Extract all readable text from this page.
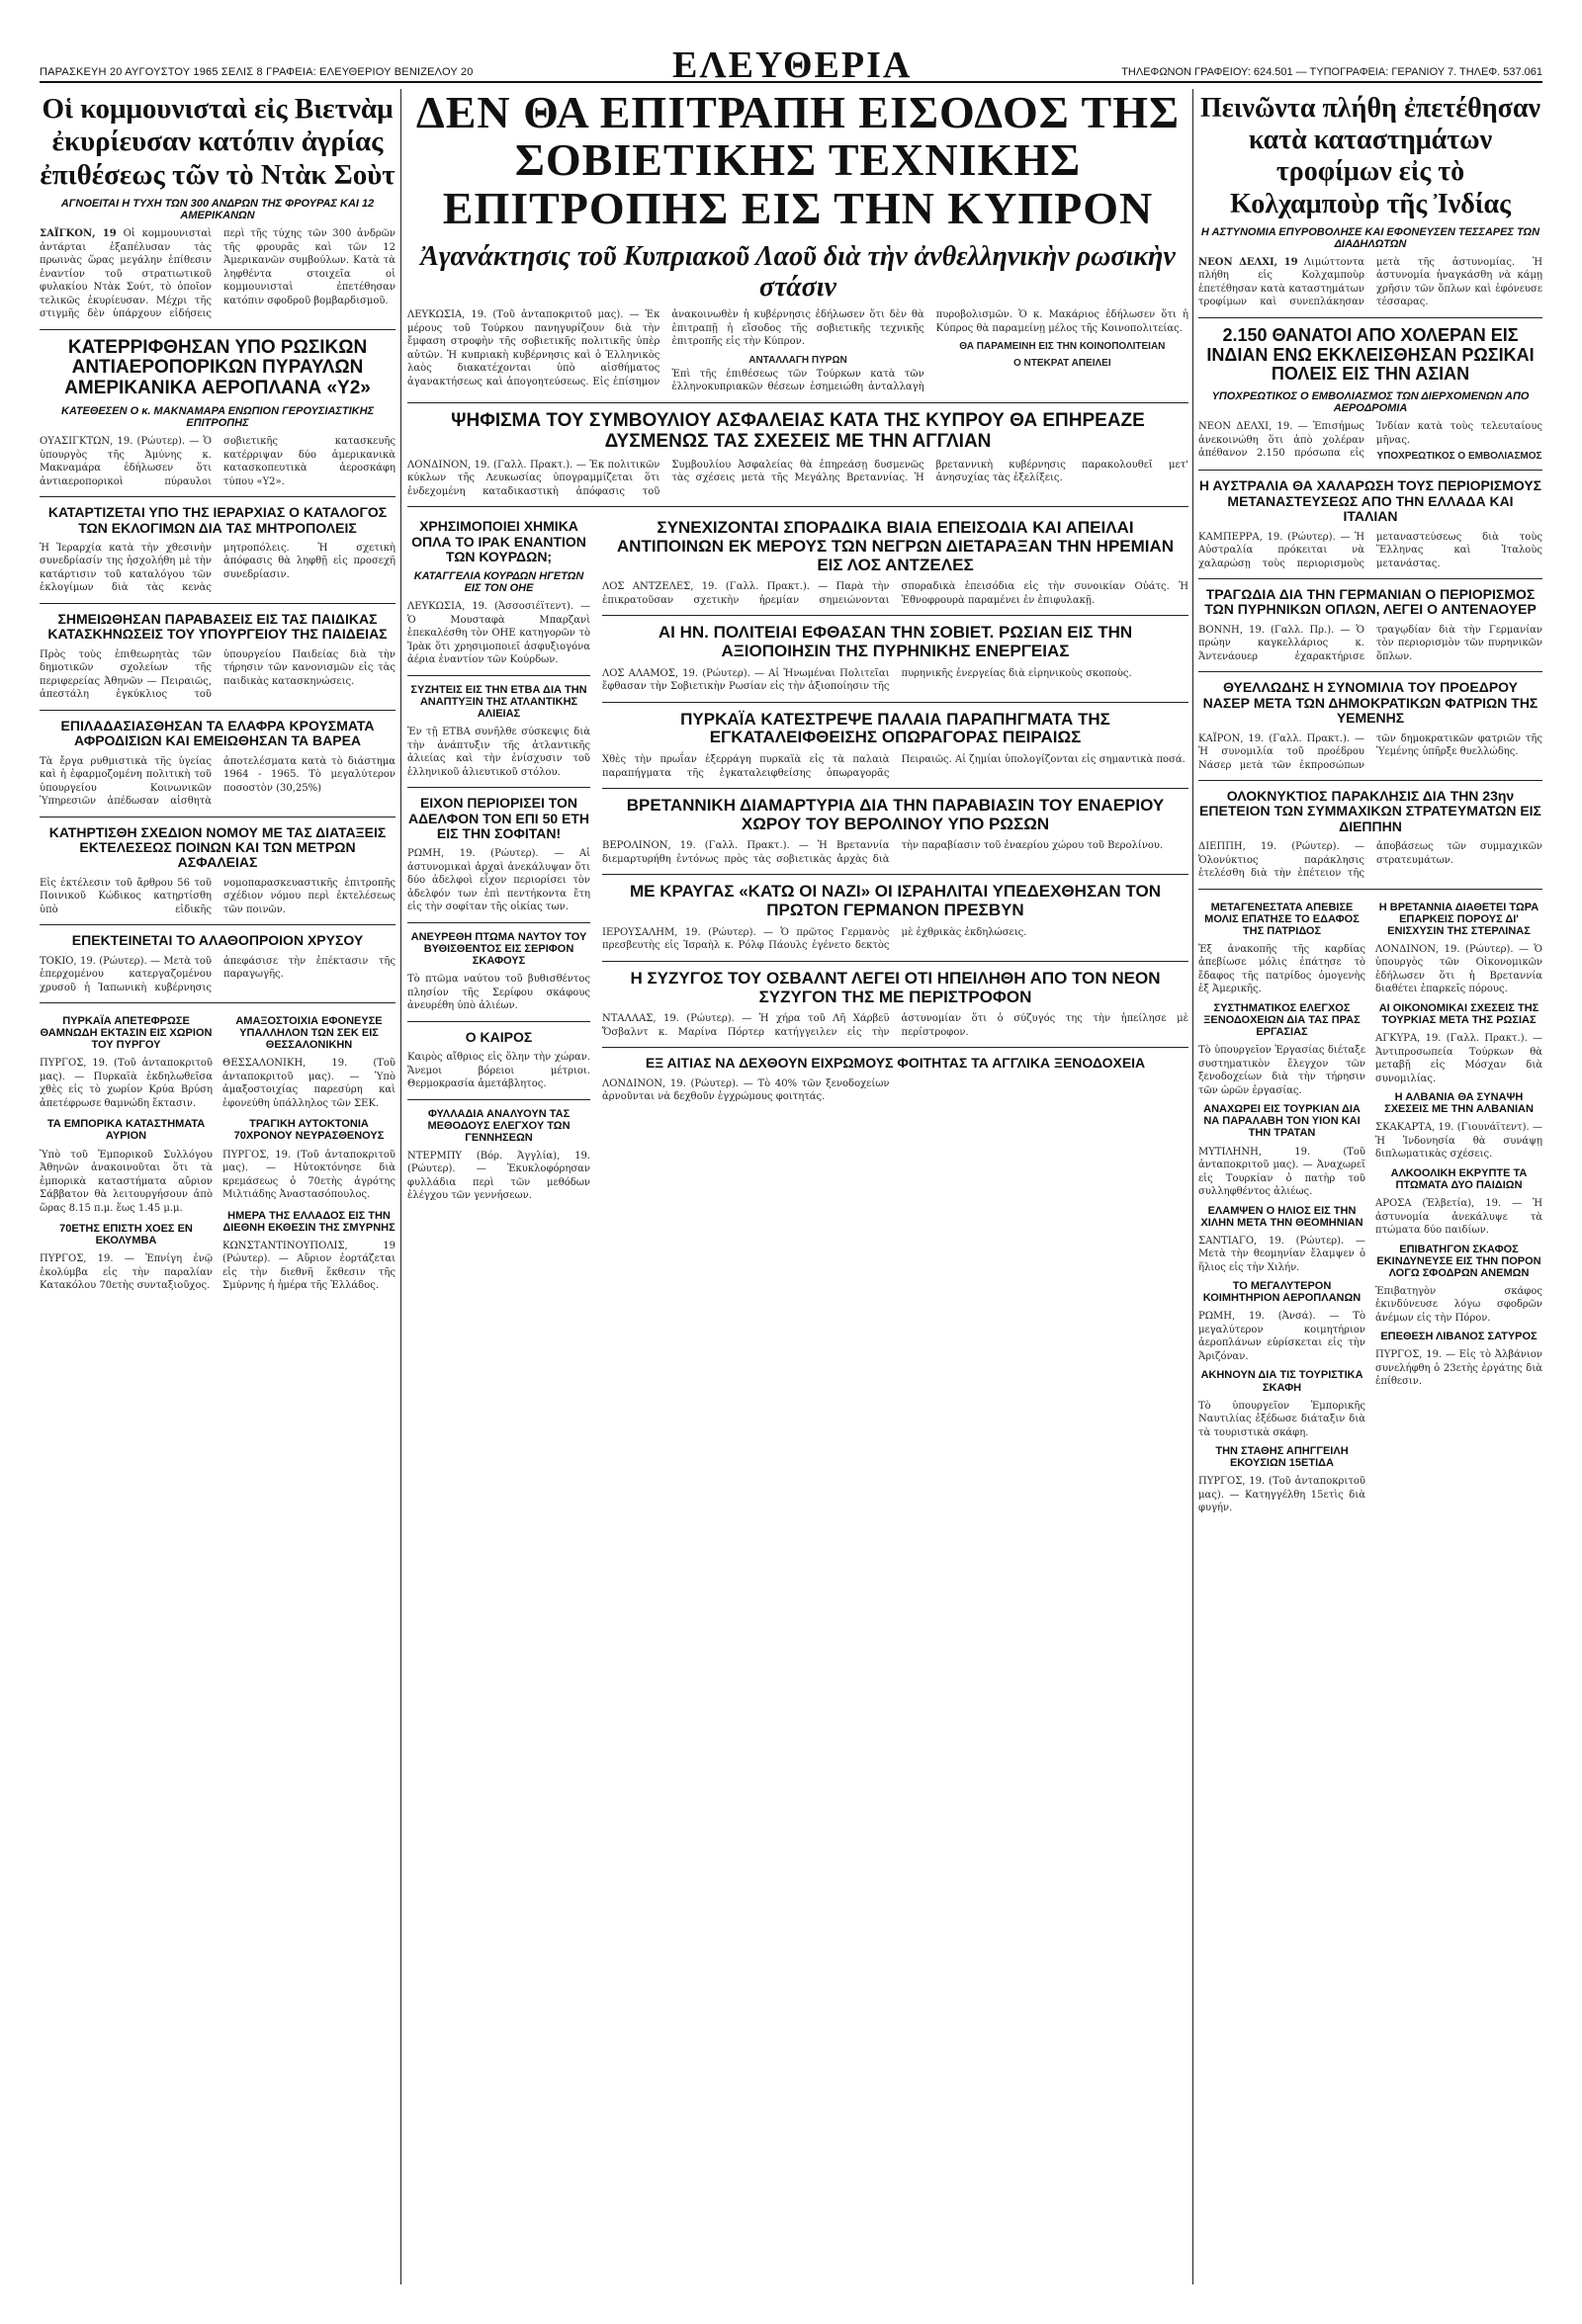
ΠΑΡΑΣΚΕΥΗ 20 ΑΥΓΟΥΣΤΟΥ 1965 ΣΕΛΙΣ 8 ΓΡΑΦΕΙΑ: ΕΛΕΥΘΕΡΙΟΥ ΒΕΝΙΖΕΛΟΥ 20	ΕΛΕΥΘΕΡΙΑ	ΤΗΛΕΦΩΝΟΝ ΓΡΑΦΕΙΟΥ: 624.501 — ΤΥΠΟΓΡΑΦΕΙΑ: ΓΕΡΑΝΙΟΥ 7. ΤΗΛΕΦ. 537.061
Οἱ κομμουνισταὶ εἰς Βιετνὰμ ἐκυρίευσαν κατόπιν ἀγρίας ἐπιθέσεως τῶν τὸ Ντὰκ Σοὺτ
ΑΓΝΟΕΙΤΑΙ Η ΤΥΧΗ ΤΩΝ 300 ΑΝΔΡΩΝ ΤΗΣ ΦΡΟΥΡΑΣ ΚΑΙ 12 ΑΜΕΡΙΚΑΝΩΝ
ΣΑΪΓΚΟΝ, 19 Οἱ κομμουνισταὶ ἀντάρται ἐξαπέλυσαν τὰς πρωινὰς ὥρας μεγάλην ἐπίθεσιν ἐναντίον τοῦ στρατιωτικοῦ φυλακίου Ντὰκ Σούτ, τὸ ὁποῖον τελικῶς ἐκυρίευσαν. Μέχρι τῆς στιγμῆς δὲν ὑπάρχουν εἰδήσεις περὶ τῆς τύχης τῶν 300 ἀνδρῶν τῆς φρουρᾶς καὶ τῶν 12 Ἀμερικανῶν συμβούλων. Κατὰ τὰ ληφθέντα στοιχεῖα οἱ κομμουνισταὶ ἐπετέθησαν κατόπιν σφοδροῦ βομβαρδισμοῦ.
ΚΑΤΕΡΡΙΦΘΗΣΑΝ ΥΠΟ ΡΩΣΙΚΩΝ ΑΝΤΙΑΕΡΟΠΟΡΙΚΩΝ ΠΥΡΑΥΛΩΝ ΑΜΕΡΙΚΑΝΙΚΑ ΑΕΡΟΠΛΑΝΑ «Υ2»
ΚΑΤΕΘΕΣΕΝ Ο κ. ΜΑΚΝΑΜΑΡΑ ΕΝΩΠΙΟΝ ΓΕΡΟΥΣΙΑΣΤΙΚΗΣ ΕΠΙΤΡΟΠΗΣ
ΟΥΑΣΙΓΚΤΩΝ, 19. (Ρώυτερ). — Ὁ ὑπουργὸς τῆς Ἀμύνης κ. Μακναμάρα ἐδήλωσεν ὅτι ἀντιαεροπορικοὶ πύραυλοι σοβιετικῆς κατασκευῆς κατέρριψαν δύο ἀμερικανικὰ κατασκοπευτικὰ ἀεροσκάφη τύπου «Υ2».
ΚΑΤΑΡΤΙΖΕΤΑΙ ΥΠΟ ΤΗΣ ΙΕΡΑΡΧΙΑΣ Ο ΚΑΤΑΛΟΓΟΣ ΤΩΝ ΕΚΛΟΓΙΜΩΝ ΔΙΑ ΤΑΣ ΜΗΤΡΟΠΟΛΕΙΣ
Ἡ Ἱεραρχία κατὰ τὴν χθεσινὴν συνεδρίασίν της ἠσχολήθη μὲ τὴν κατάρτισιν τοῦ καταλόγου τῶν ἐκλογίμων διὰ τὰς κενὰς μητροπόλεις. Ἡ σχετικὴ ἀπόφασις θὰ ληφθῇ εἰς προσεχῆ συνεδρίασιν.
ΣΗΜΕΙΩΘΗΣΑΝ ΠΑΡΑΒΑΣΕΙΣ ΕΙΣ ΤΑΣ ΠΑΙΔΙΚΑΣ ΚΑΤΑΣΚΗΝΩΣΕΙΣ ΤΟΥ ΥΠΟΥΡΓΕΙΟΥ ΤΗΣ ΠΑΙΔΕΙΑΣ
Πρὸς τοὺς ἐπιθεωρητὰς τῶν δημοτικῶν σχολείων τῆς περιφερείας Ἀθηνῶν — Πειραιῶς, ἀπεστάλη ἐγκύκλιος τοῦ ὑπουργείου Παιδείας διὰ τὴν τήρησιν τῶν κανονισμῶν εἰς τὰς παιδικὰς κατασκηνώσεις.
ΕΠΙΛΑΔΑΣΙΑΣΘΗΣΑΝ ΤΑ ΕΛΑΦΡΑ ΚΡΟΥΣΜΑΤΑ ΑΦΡΟΔΙΣΙΩΝ ΚΑΙ ΕΜΕΙΩΘΗΣΑΝ ΤΑ ΒΑΡΕΑ
Τὰ ἔργα ρυθμιστικὰ τῆς ὑγείας καὶ ἡ ἐφαρμοζομένη πολιτικὴ τοῦ ὑπουργείου Κοινωνικῶν Ὑπηρεσιῶν ἀπέδωσαν αἰσθητὰ ἀποτελέσματα κατὰ τὸ διάστημα 1964 - 1965. Τὸ μεγαλύτερον ποσοστὸν (30,25%)
ΚΑΤΗΡΤΙΣΘΗ ΣΧΕΔΙΟΝ ΝΟΜΟΥ ΜΕ ΤΑΣ ΔΙΑΤΑΞΕΙΣ ΕΚΤΕΛΕΣΕΩΣ ΠΟΙΝΩΝ ΚΑΙ ΤΩΝ ΜΕΤΡΩΝ ΑΣΦΑΛΕΙΑΣ
Εἰς ἐκτέλεσιν τοῦ ἄρθρου 56 τοῦ Ποινικοῦ Κώδικος κατηρτίσθη ὑπὸ εἰδικῆς νομοπαρασκευαστικῆς ἐπιτροπῆς σχέδιον νόμου περὶ ἐκτελέσεως τῶν ποινῶν.
ΕΠΕΚΤΕΙΝΕΤΑΙ ΤΟ ΑΛΑΘΟΠΡΟΙΟΝ ΧΡΥΣΟΥ
ΤΟΚΙΟ, 19. (Ρώυτερ). — Μετὰ τοῦ ἐπερχομένου κατεργαζομένου χρυσοῦ ἡ Ἰαπωνικὴ κυβέρνησις ἀπεφάσισε τὴν ἐπέκτασιν τῆς παραγωγῆς.
ΠΥΡΚΑΪΑ ΑΠΕΤΕΦΡΩΣΕ ΘΑΜΝΩΔΗ ΕΚΤΑΣΙΝ ΕΙΣ ΧΩΡΙΟΝ ΤΟΥ ΠΥΡΓΟΥ
ΠΥΡΓΟΣ, 19. (Τοῦ ἀνταποκριτοῦ μας). — Πυρκαϊὰ ἐκδηλωθεῖσα χθὲς εἰς τὸ χωρίον Κρύα Βρύση ἀπετέφρωσε θαμνώδη ἔκτασιν.
ΤΑ ΕΜΠΟΡΙΚΑ ΚΑΤΑΣΤΗΜΑΤΑ ΑΥΡΙΟΝ
Ὑπὸ τοῦ Ἐμπορικοῦ Συλλόγου Ἀθηνῶν ἀνακοινοῦται ὅτι τὰ ἐμπορικὰ καταστήματα αὔριον Σάββατον θὰ λειτουργήσουν ἀπὸ ὥρας 8.15 π.μ. ἕως 1.45 μ.μ.
70ΕΤΗΣ ΕΠΙΣΤΗ ΧΟΕΣ ΕΝ ΕΚΟΛΥΜΒΑ
ΠΥΡΓΟΣ, 19. — Ἐπνίγη ἐνῷ ἐκολύμβα εἰς τὴν παραλίαν Κατακόλου 70ετὴς συνταξιοῦχος.
ΑΜΑΞΟΣΤΟΙΧΙΑ ΕΦΟΝΕΥΣΕ ΥΠΑΛΛΗΛΟΝ ΤΩΝ ΣΕΚ ΕΙΣ ΘΕΣΣΑΛΟΝΙΚΗΝ
ΘΕΣΣΑΛΟΝΙΚΗ, 19. (Τοῦ ἀνταποκριτοῦ μας). — Ὑπὸ ἀμαξοστοιχίας παρεσύρη καὶ ἐφονεύθη ὑπάλληλος τῶν ΣΕΚ.
ΤΡΑΓΙΚΗ ΑΥΤΟΚΤΟΝΙΑ 70ΧΡΟΝΟΥ ΝΕΥΡΑΣΘΕΝΟΥΣ
ΠΥΡΓΟΣ, 19. (Τοῦ ἀνταποκριτοῦ μας). — Ηὐτοκτόνησε διὰ κρεμάσεως ὁ 70ετὴς ἀγρότης Μιλτιάδης Ἀναστασόπουλος.
ΗΜΕΡΑ ΤΗΣ ΕΛΛΑΔΟΣ ΕΙΣ ΤΗΝ ΔΙΕΘΝΗ ΕΚΘΕΣΙΝ ΤΗΣ ΣΜΥΡΝΗΣ
ΚΩΝΣΤΑΝΤΙΝΟΥΠΟΛΙΣ, 19 (Ρώυτερ). — Αὔριον ἑορτάζεται εἰς τὴν διεθνῆ ἔκθεσιν τῆς Σμύρνης ἡ ἡμέρα τῆς Ἑλλάδος.
ΔΕΝ ΘΑ ΕΠΙΤΡΑΠΗ ΕΙΣΟΔΟΣ ΤΗΣ ΣΟΒΙΕΤΙΚΗΣ ΤΕΧΝΙΚΗΣ ΕΠΙΤΡΟΠΗΣ ΕΙΣ ΤΗΝ ΚΥΠΡΟΝ
Ἀγανάκτησις τοῦ Κυπριακοῦ Λαοῦ διὰ τὴν ἀνθελληνικὴν ρωσικὴν στάσιν
ΛΕΥΚΩΣΙΑ, 19. (Τοῦ ἀνταποκριτοῦ μας). — Ἐκ μέρους τοῦ Τούρκου πανηγυρίζουν διὰ τὴν ἔμφαση στροφὴν τῆς σοβιετικῆς πολιτικῆς ὑπὲρ αὐτῶν. Ἡ κυπριακὴ κυβέρνησις καὶ ὁ Ἑλληνικὸς λαὸς διακατέχονται ὑπὸ αἰσθήματος ἀγανακτήσεως καὶ ἀπογοητεύσεως. Εἰς ἐπίσημον ἀνακοινωθὲν ἡ κυβέρνησις ἐδήλωσεν ὅτι δὲν θὰ ἐπιτραπῇ ἡ εἴσοδος τῆς σοβιετικῆς τεχνικῆς ἐπιτροπῆς εἰς τὴν Κύπρον.
ΑΝΤΑΛΛΑΓΗ ΠΥΡΩΝ
Ἐπὶ τῆς ἐπιθέσεως τῶν Τούρκων κατὰ τῶν ἑλληνοκυπριακῶν θέσεων ἐσημειώθη ἀνταλλαγὴ πυροβολισμῶν. Ὁ κ. Μακάριος ἐδήλωσεν ὅτι ἡ Κύπρος θὰ παραμείνῃ μέλος τῆς Κοινοπολιτείας.
ΘΑ ΠΑΡΑΜΕΙΝΗ ΕΙΣ ΤΗΝ ΚΟΙΝΟΠΟΛΙΤΕΙΑΝ
Ο ΝΤΕΚΡΑΤ ΑΠΕΙΛΕΙ
ΨΗΦΙΣΜΑ ΤΟΥ ΣΥΜΒΟΥΛΙΟΥ ΑΣΦΑΛΕΙΑΣ ΚΑΤΑ ΤΗΣ ΚΥΠΡΟΥ ΘΑ ΕΠΗΡΕΑΖΕ ΔΥΣΜΕΝΩΣ ΤΑΣ ΣΧΕΣΕΙΣ ΜΕ ΤΗΝ ΑΓΓΛΙΑΝ
ΛΟΝΔΙΝΟΝ, 19. (Γαλλ. Πρακτ.). — Ἐκ πολιτικῶν κύκλων τῆς Λευκωσίας ὑπογραμμίζεται ὅτι ἐνδεχομένη καταδικαστικὴ ἀπόφασις τοῦ Συμβουλίου Ἀσφαλείας θὰ ἐπηρεάσῃ δυσμενῶς τὰς σχέσεις μετὰ τῆς Μεγάλης Βρεταννίας. Ἡ βρεταννικὴ κυβέρνησις παρακολουθεῖ μετ' ἀνησυχίας τὰς ἐξελίξεις.
ΧΡΗΣΙΜΟΠΟΙΕΙ ΧΗΜΙΚΑ ΟΠΛΑ ΤΟ ΙΡΑΚ ΕΝΑΝΤΙΟΝ ΤΩΝ ΚΟΥΡΔΩΝ;
ΚΑΤΑΓΓΕΛΙΑ ΚΟΥΡΔΩΝ ΗΓΕΤΩΝ ΕΙΣ ΤΟΝ ΟΗΕ
ΛΕΥΚΩΣΙΑ, 19. (Ἀσσοσιέϊτεντ). — Ὁ Μουσταφὰ Μπαρζανὶ ἐπεκαλέσθη τὸν ΟΗΕ κατηγορῶν τὸ Ἰρὰκ ὅτι χρησιμοποιεῖ ἀσφυξιογόνα ἀέρια ἐναντίον τῶν Κούρδων.
ΣΥΖΗΤΕΙΣ ΕΙΣ ΤΗΝ ΕΤΒΑ ΔΙΑ ΤΗΝ ΑΝΑΠΤΥΞΙΝ ΤΗΣ ΑΤΛΑΝΤΙΚΗΣ ΑΛΙΕΙΑΣ
Ἐν τῇ ΕΤΒΑ συνῆλθε σύσκεψις διὰ τὴν ἀνάπτυξιν τῆς ἀτλαντικῆς ἁλιείας καὶ τὴν ἐνίσχυσιν τοῦ ἑλληνικοῦ ἁλιευτικοῦ στόλου.
ΕΙΧΟΝ ΠΕΡΙΟΡΙΣΕΙ ΤΟΝ ΑΔΕΛΦΟΝ ΤΟΝ ΕΠΙ 50 ΕΤΗ ΕΙΣ ΤΗΝ ΣΟΦΙΤΑΝ!
ΡΩΜΗ, 19. (Ρώυτερ). — Αἱ ἀστυνομικαὶ ἀρχαὶ ἀνεκάλυψαν ὅτι δύο ἀδελφοὶ εἶχον περιορίσει τὸν ἀδελφόν των ἐπὶ πεντήκοντα ἔτη εἰς τὴν σοφίταν τῆς οἰκίας των.
ΑΝΕΥΡΕΘΗ ΠΤΩΜΑ ΝΑΥΤΟΥ ΤΟΥ ΒΥΘΙΣΘΕΝΤΟΣ ΕΙΣ ΣΕΡΙΦΟΝ ΣΚΑΦΟΥΣ
Τὸ πτῶμα ναύτου τοῦ βυθισθέντος πλησίον τῆς Σερίφου σκάφους ἀνευρέθη ὑπὸ ἁλιέων.
Ο ΚΑΙΡΟΣ
Καιρὸς αἴθριος εἰς ὅλην τὴν χώραν. Ἄνεμοι βόρειοι μέτριοι. Θερμοκρασία ἀμετάβλητος.
ΦΥΛΛΑΔΙΑ ΑΝΑΛΥΟΥΝ ΤΑΣ ΜΕΘΟΔΟΥΣ ΕΛΕΓΧΟΥ ΤΩΝ ΓΕΝΝΗΣΕΩΝ
ΝΤΕΡΜΠΥ (Βόρ. Ἀγγλία), 19. (Ρώυτερ). — Ἐκυκλοφόρησαν φυλλάδια περὶ τῶν μεθόδων ἐλέγχου τῶν γεννήσεων.
ΣΥΝΕΧΙΖΟΝΤΑΙ ΣΠΟΡΑΔΙΚΑ ΒΙΑΙΑ ΕΠΕΙΣΟΔΙΑ ΚΑΙ ΑΠΕΙΛΑΙ ΑΝΤΙΠΟΙΝΩΝ ΕΚ ΜΕΡΟΥΣ ΤΩΝ ΝΕΓΡΩΝ ΔΙΕΤΑΡΑΞΑΝ ΤΗΝ ΗΡΕΜΙΑΝ ΕΙΣ ΛΟΣ ΑΝΤΖΕΛΕΣ
ΛΟΣ ΑΝΤΖΕΛΕΣ, 19. (Γαλλ. Πρακτ.). — Παρὰ τὴν ἐπικρατοῦσαν σχετικὴν ἠρεμίαν σημειώνονται σποραδικὰ ἐπεισόδια εἰς τὴν συνοικίαν Οὐάτς. Ἡ Ἐθνοφρουρὰ παραμένει ἐν ἐπιφυλακῇ.
ΑΙ ΗΝ. ΠΟΛΙΤΕΙΑΙ ΕΦΘΑΣΑΝ ΤΗΝ ΣΟΒΙΕΤ. ΡΩΣΙΑΝ ΕΙΣ ΤΗΝ ΑΞΙΟΠΟΙΗΣΙΝ ΤΗΣ ΠΥΡΗΝΙΚΗΣ ΕΝΕΡΓΕΙΑΣ
ΛΟΣ ΑΛΑΜΟΣ, 19. (Ρώυτερ). — Αἱ Ἡνωμέναι Πολιτεῖαι ἔφθασαν τὴν Σοβιετικὴν Ρωσίαν εἰς τὴν ἀξιοποίησιν τῆς πυρηνικῆς ἐνεργείας διὰ εἰρηνικοὺς σκοποὺς.
ΠΥΡΚΑΪΑ ΚΑΤΕΣΤΡΕΨΕ ΠΑΛΑΙΑ ΠΑΡΑΠΗΓΜΑΤΑ ΤΗΣ ΕΓΚΑΤΑΛΕΙΦΘΕΙΣΗΣ ΟΠΩΡΑΓΟΡΑΣ ΠΕΙΡΑΙΩΣ
Χθὲς τὴν πρωΐαν ἐξερράγη πυρκαϊὰ εἰς τὰ παλαιὰ παραπήγματα τῆς ἐγκαταλειφθείσης ὀπωραγορᾶς Πειραιῶς. Αἱ ζημίαι ὑπολογίζονται εἰς σημαντικὰ ποσά.
ΒΡΕΤΑΝΝΙΚΗ ΔΙΑΜΑΡΤΥΡΙΑ ΔΙΑ ΤΗΝ ΠΑΡΑΒΙΑΣΙΝ ΤΟΥ ΕΝΑΕΡΙΟΥ ΧΩΡΟΥ ΤΟΥ ΒΕΡΟΛΙΝΟΥ ΥΠΟ ΡΩΣΩΝ
ΒΕΡΟΛΙΝΟΝ, 19. (Γαλλ. Πρακτ.). — Ἡ Βρεταννία διεμαρτυρήθη ἐντόνως πρὸς τὰς σοβιετικὰς ἀρχὰς διὰ τὴν παραβίασιν τοῦ ἐναερίου χώρου τοῦ Βερολίνου.
ΜΕ ΚΡΑΥΓΑΣ «ΚΑΤΩ ΟΙ ΝΑΖΙ» ΟΙ ΙΣΡΑΗΛΙΤΑΙ ΥΠΕΔΕΧΘΗΣΑΝ ΤΟΝ ΠΡΩΤΟΝ ΓΕΡΜΑΝΟΝ ΠΡΕΣΒΥΝ
ΙΕΡΟΥΣΑΛΗΜ, 19. (Ρώυτερ). — Ὁ πρῶτος Γερμανὸς πρεσβευτὴς εἰς Ἰσραὴλ κ. Ρόλφ Πάουλς ἐγένετο δεκτὸς μὲ ἐχθρικὰς ἐκδηλώσεις.
Η ΣΥΖΥΓΟΣ ΤΟΥ ΟΣΒΑΛΝΤ ΛΕΓΕΙ ΟΤΙ ΗΠΕΙΛΗΘΗ ΑΠΟ ΤΟΝ ΝΕΟΝ ΣΥΖΥΓΟΝ ΤΗΣ ΜΕ ΠΕΡΙΣΤΡΟΦΟΝ
ΝΤΑΛΛΑΣ, 19. (Ρώυτερ). — Ἡ χήρα τοῦ Λῆ Χάρβεϋ Ὄσβαλντ κ. Μαρίνα Πόρτερ κατήγγειλεν εἰς τὴν ἀστυνομίαν ὅτι ὁ σύζυγός της τὴν ἠπείλησε μὲ περίστροφον.
ΕΞ ΑΙΤΙΑΣ ΝΑ ΔΕΧΘΟΥΝ ΕΙΧΡΩΜΟΥΣ ΦΟΙΤΗΤΑΣ ΤΑ ΑΓΓΛΙΚΑ ΞΕΝΟΔΟΧΕΙΑ
ΛΟΝΔΙΝΟΝ, 19. (Ρώυτερ). — Τὸ 40% τῶν ξενοδοχείων ἀρνοῦνται νὰ δεχθοῦν ἐγχρώμους φοιτητάς.
Πεινῶντα πλήθη ἐπετέθησαν κατὰ καταστημάτων τροφίμων εἰς τὸ Κολχαμποὺρ τῆς Ἰνδίας
Η ΑΣΤΥΝΟΜΙΑ ΕΠΥΡΟΒΟΛΗΣΕ ΚΑΙ ΕΦΟΝΕΥΣΕΝ ΤΕΣΣΑΡΕΣ ΤΩΝ ΔΙΑΔΗΛΩΤΩΝ
ΝΕΟΝ ΔΕΛΧΙ, 19 Λιμώττοντα πλήθη εἰς Κολχαμποὺρ ἐπετέθησαν κατὰ καταστημάτων τροφίμων καὶ συνεπλάκησαν μετὰ τῆς ἀστυνομίας. Ἡ ἀστυνομία ἠναγκάσθη νὰ κάμῃ χρῆσιν τῶν ὅπλων καὶ ἐφόνευσε τέσσαρας.
2.150 ΘΑΝΑΤΟΙ ΑΠΟ ΧΟΛΕΡΑΝ ΕΙΣ ΙΝΔΙΑΝ ΕΝΩ ΕΚΚΛΕΙΣΘΗΣΑΝ ΡΩΣΙΚΑΙ ΠΟΛΕΙΣ ΕΙΣ ΤΗΝ ΑΣΙΑΝ
ΥΠΟΧΡΕΩΤΙΚΟΣ Ο ΕΜΒΟΛΙΑΣΜΟΣ ΤΩΝ ΔΙΕΡΧΟΜΕΝΩΝ ΑΠΟ ΑΕΡΟΔΡΟΜΙΑ
ΝΕΟΝ ΔΕΛΧΙ, 19. — Ἐπισήμως ἀνεκοινώθη ὅτι ἀπὸ χολέραν ἀπέθανον 2.150 πρόσωπα εἰς Ἰνδίαν κατὰ τοὺς τελευταίους μῆνας.
ΥΠΟΧΡΕΩΤΙΚΟΣ Ο ΕΜΒΟΛΙΑΣΜΟΣ
Η ΑΥΣΤΡΑΛΙΑ ΘΑ ΧΑΛΑΡΩΣΗ ΤΟΥΣ ΠΕΡΙΟΡΙΣΜΟΥΣ ΜΕΤΑΝΑΣΤΕΥΣΕΩΣ ΑΠΟ ΤΗΝ ΕΛΛΑΔΑ ΚΑΙ ΙΤΑΛΙΑΝ
ΚΑΜΠΕΡΡΑ, 19. (Ρώυτερ). — Ἡ Αὐστραλία πρόκειται νὰ χαλαρώσῃ τοὺς περιορισμοὺς μεταναστεύσεως διὰ τοὺς Ἕλληνας καὶ Ἰταλοὺς μετανάστας.
ΤΡΑΓΩΔΙΑ ΔΙΑ ΤΗΝ ΓΕΡΜΑΝΙΑΝ Ο ΠΕΡΙΟΡΙΣΜΟΣ ΤΩΝ ΠΥΡΗΝΙΚΩΝ ΟΠΛΩΝ, ΛΕΓΕΙ Ο ΑΝΤΕΝΑΟΥΕΡ
ΒΟΝΝΗ, 19. (Γαλλ. Πρ.). — Ὁ πρώην καγκελλάριος κ. Ἀντενάουερ ἐχαρακτήρισε τραγῳδίαν διὰ τὴν Γερμανίαν τὸν περιορισμὸν τῶν πυρηνικῶν ὅπλων.
ΘΥΕΛΛΩΔΗΣ Η ΣΥΝΟΜΙΛΙΑ ΤΟΥ ΠΡΟΕΔΡΟΥ ΝΑΣΕΡ ΜΕΤΑ ΤΩΝ ΔΗΜΟΚΡΑΤΙΚΩΝ ΦΑΤΡΙΩΝ ΤΗΣ ΥΕΜΕΝΗΣ
ΚΑΪΡΟΝ, 19. (Γαλλ. Πρακτ.). — Ἡ συνομιλία τοῦ προέδρου Νάσερ μετὰ τῶν ἐκπροσώπων τῶν δημοκρατικῶν φατριῶν τῆς Ὑεμένης ὑπῆρξε θυελλώδης.
ΟΛΟΚΝΥΚΤΙΟΣ ΠΑΡΑΚΛΗΣΙΣ ΔΙΑ ΤΗΝ 23ην ΕΠΕΤΕΙΟΝ ΤΩΝ ΣΥΜΜΑΧΙΚΩΝ ΣΤΡΑΤΕΥΜΑΤΩΝ ΕΙΣ ΔΙΕΠΠΗΝ
ΔΙΕΠΠΗ, 19. (Ρώυτερ). — Ὁλονύκτιος παράκλησις ἐτελέσθη διὰ τὴν ἐπέτειον τῆς ἀποβάσεως τῶν συμμαχικῶν στρατευμάτων.
ΜΕΤΑΓΕΝΕΣΤΑΤΑ ΑΠΕΒΙΣΕ ΜΟΛΙΣ ΕΠΑΤΗΣΕ ΤΟ ΕΔΑΦΟΣ ΤΗΣ ΠΑΤΡΙΔΟΣ
Ἐξ ἀνακοπῆς τῆς καρδίας ἀπεβίωσε μόλις ἐπάτησε τὸ ἔδαφος τῆς πατρίδος ὁμογενὴς ἐξ Ἀμερικῆς.
ΣΥΣΤΗΜΑΤΙΚΟΣ ΕΛΕΓΧΟΣ ΞΕΝΟΔΟΧΕΙΩΝ ΔΙΑ ΤΑΣ ΠΡΑΣ ΕΡΓΑΣΙΑΣ
Τὸ ὑπουργεῖον Ἐργασίας διέταξε συστηματικὸν ἔλεγχον τῶν ξενοδοχείων διὰ τὴν τήρησιν τῶν ὡρῶν ἐργασίας.
ΑΝΑΧΩΡΕΙ ΕΙΣ ΤΟΥΡΚΙΑΝ ΔΙΑ ΝΑ ΠΑΡΑΛΑΒΗ ΤΟΝ ΥΙΟΝ ΚΑΙ ΤΗΝ ΤΡΑΤΑΝ
ΜΥΤΙΛΗΝΗ, 19. (Τοῦ ἀνταποκριτοῦ μας). — Ἀναχωρεῖ εἰς Τουρκίαν ὁ πατὴρ τοῦ συλληφθέντος ἁλιέως.
ΕΛΑΜΨΕΝ Ο ΗΛΙΟΣ ΕΙΣ ΤΗΝ ΧΙΛΗΝ ΜΕΤΑ ΤΗΝ ΘΕΟΜΗΝΙΑΝ
ΣΑΝΤΙΑΓΟ, 19. (Ρώυτερ). — Μετὰ τὴν θεομηνίαν ἔλαμψεν ὁ ἥλιος εἰς τὴν Χιλήν.
ΤΟ ΜΕΓΑΛΥΤΕΡΟΝ ΚΟΙΜΗΤΗΡΙΟΝ ΑΕΡΟΠΛΑΝΩΝ
ΡΩΜΗ, 19. (Ἀνσά). — Τὸ μεγαλύτερον κοιμητήριον ἀεροπλάνων εὑρίσκεται εἰς τὴν Ἀριζόναν.
ΑΚΗΝΟΥΝ ΔΙΑ ΤΙΣ ΤΟΥΡΙΣΤΙΚΑ ΣΚΑΦΗ
Τὸ ὑπουργεῖον Ἐμπορικῆς Ναυτιλίας ἐξέδωσε διάταξιν διὰ τὰ τουριστικὰ σκάφη.
ΤΗΝ ΣΤΑΘΗΣ ΑΠΗΓΓΕΙΛΗ ΕΚΟΥΣΙΩΝ 15ΕΤΙΔΑ
ΠΥΡΓΟΣ, 19. (Τοῦ ἀνταποκριτοῦ μας). — Κατηγγέλθη 15ετὶς διὰ φυγήν.
Η ΒΡΕΤΑΝΝΙΑ ΔΙΑΘΕΤΕΙ ΤΩΡΑ ΕΠΑΡΚΕΙΣ ΠΟΡΟΥΣ ΔΙ' ΕΝΙΣΧΥΣΙΝ ΤΗΣ ΣΤΕΡΛΙΝΑΣ
ΛΟΝΔΙΝΟΝ, 19. (Ρώυτερ). — Ὁ ὑπουργὸς τῶν Οἰκονομικῶν ἐδήλωσεν ὅτι ἡ Βρεταννία διαθέτει ἐπαρκεῖς πόρους.
ΑΙ ΟΙΚΟΝΟΜΙΚΑΙ ΣΧΕΣΕΙΣ ΤΗΣ ΤΟΥΡΚΙΑΣ ΜΕΤΑ ΤΗΣ ΡΩΣΙΑΣ
ΑΓΚΥΡΑ, 19. (Γαλλ. Πρακτ.). — Ἀντιπροσωπεία Τούρκων θὰ μεταβῇ εἰς Μόσχαν διὰ συνομιλίας.
Η ΑΛΒΑΝΙΑ ΘΑ ΣΥΝΑΨΗ ΣΧΕΣΕΙΣ ΜΕ ΤΗΝ ΑΛΒΑΝΙΑΝ
ΣΚΑΚΑΡΤΑ, 19. (Γιουνάϊτεντ). — Ἡ Ἰνδονησία θὰ συνάψῃ διπλωματικὰς σχέσεις.
ΑΛΚΟΟΛΙΚΗ ΕΚΡΥΠΤΕ ΤΑ ΠΤΩΜΑΤΑ ΔΥΟ ΠΑΙΔΙΩΝ
ΑΡΟΣΑ (Ἑλβετία), 19. — Ἡ ἀστυνομία ἀνεκάλυψε τὰ πτώματα δύο παιδίων.
ΕΠΙΒΑΤΗΓΟΝ ΣΚΑΦΟΣ ΕΚΙΝΔΥΝΕΥΣΕ ΕΙΣ ΤΗΝ ΠΟΡΟΝ ΛΟΓΩ ΣΦΟΔΡΩΝ ΑΝΕΜΩΝ
Ἐπιβατηγὸν σκάφος ἐκινδύνευσε λόγω σφοδρῶν ἀνέμων εἰς τὴν Πόρον.
ΕΠΕΘΕΣΗ ΛΙΒΑΝΟΣ ΣΑΤΥΡΟΣ
ΠΥΡΓΟΣ, 19. — Εἰς τὸ Ἀλβάνιον συνελήφθη ὁ 23ετὴς ἐργάτης διὰ ἐπίθεσιν.
